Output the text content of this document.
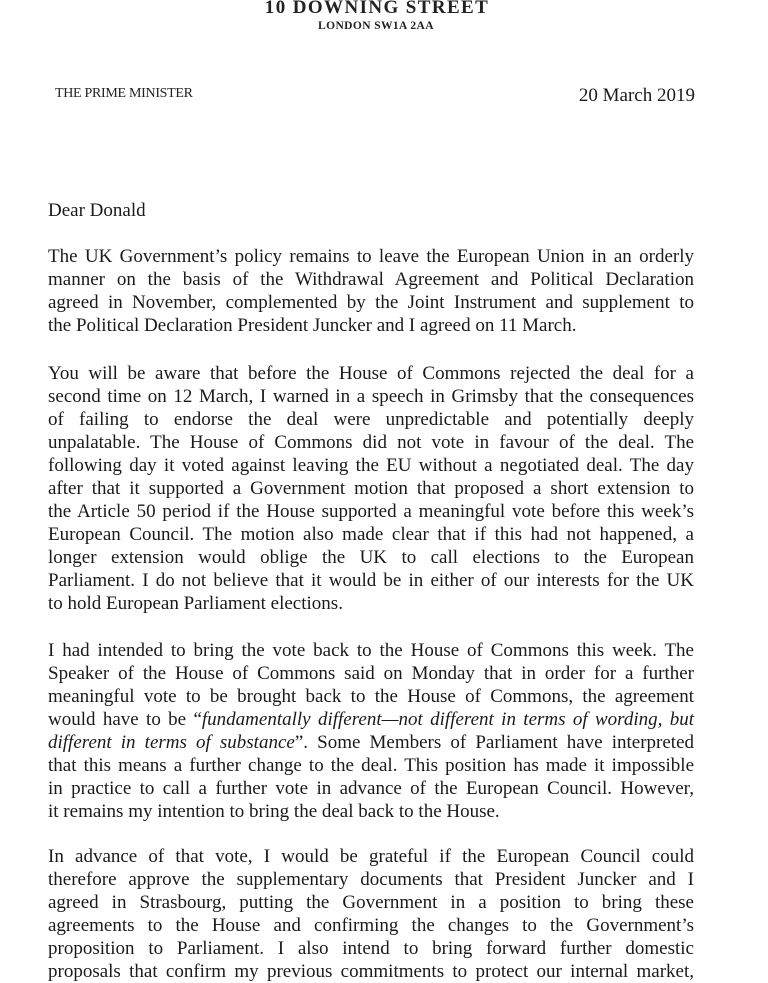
10 DOWNING STREET
LONDON SW1A 2AA
THE PRIME MINISTER	20 March 2019
Dear Donald

The UK Government’s policy remains to leave the European Union in an orderly
manner on the basis of the Withdrawal Agreement and Political Declaration
agreed in November, complemented by the Joint Instrument and supplement to
the Political Declaration President Juncker and I agreed on 11 March.

You will be aware that before the House of Commons rejected the deal for a
second time on 12 March, I warned in a speech in Grimsby that the consequences
of failing to endorse the deal were unpredictable and potentially deeply
unpalatable. The House of Commons did not vote in favour of the deal. The
following day it voted against leaving the EU without a negotiated deal. The day
after that it supported a Government motion that proposed a short extension to
the Article 50 period if the House supported a meaningful vote before this week’s
European Council. The motion also made clear that if this had not happened, a
longer extension would oblige the UK to call elections to the European
Parliament. I do not believe that it would be in either of our interests for the UK
to hold European Parliament elections.

I had intended to bring the vote back to the House of Commons this week. The
Speaker of the House of Commons said on Monday that in order for a further
meaningful vote to be brought back to the House of Commons, the agreement
would have to be “fundamentally different—not different in terms of wording, but
different in terms of substance”. Some Members of Parliament have interpreted
that this means a further change to the deal. This position has made it impossible
in practice to call a further vote in advance of the European Council. However,
it remains my intention to bring the deal back to the House.

In advance of that vote, I would be grateful if the European Council could
therefore approve the supplementary documents that President Juncker and I
agreed in Strasbourg, putting the Government in a position to bring these
agreements to the House and confirming the changes to the Government’s
proposition to Parliament. I also intend to bring forward further domestic
proposals that confirm my previous commitments to protect our internal market,
